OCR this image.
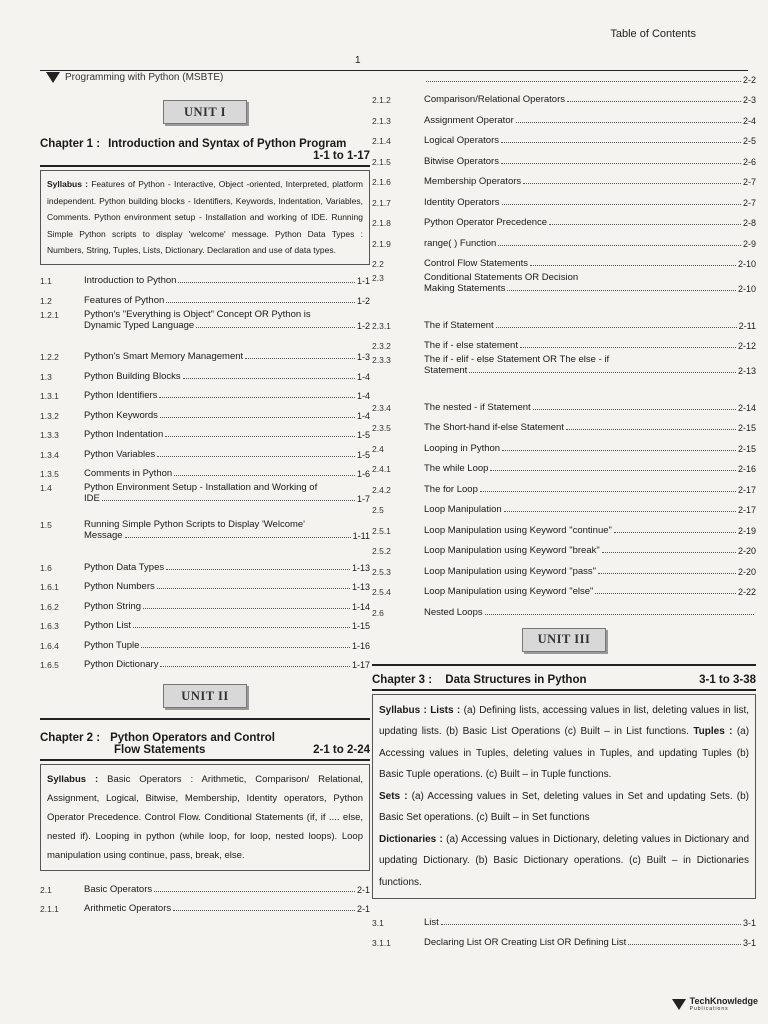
Table of Contents
1
Programming with Python (MSBTE)
UNIT I
Chapter 1 : Introduction and Syntax of Python Program
1-1 to 1-17
Syllabus : Features of Python - Interactive, Object -oriented, Interpreted, platform independent. Python building blocks - Identifiers, Keywords, Indentation, Variables, Comments. Python environment setup - Installation and working of IDE. Running Simple Python scripts to display 'welcome' message. Python Data Types : Numbers, String, Tuples, Lists, Dictionary. Declaration and use of data types.
1.1	Introduction to Python	1-1
1.2	Features of Python	1-2
1.2.1	Python's "Everything is Object" Concept OR Python is
Dynamic Typed Language	1-2
1.2.2	Python's Smart Memory Management	1-3
1.3	Python Building Blocks	1-4
1.3.1	Python Identifiers	1-4
1.3.2	Python Keywords	1-4
1.3.3	Python Indentation	1-5
1.3.4	Python Variables	1-5
1.3.5	Comments in Python	1-6
1.4	Python Environment Setup - Installation and Working of
IDE	1-7
1.5	Running Simple Python Scripts to Display 'Welcome'
Message	1-11
1.6	Python Data Types	1-13
1.6.1	Python Numbers	1-13
1.6.2	Python String	1-14
1.6.3	Python List	1-15
1.6.4	Python Tuple	1-16
1.6.5	Python Dictionary	1-17
UNIT II
Chapter 2 : Python Operators and Control
Flow Statements	2-1 to 2-24
Syllabus : Basic Operators : Arithmetic, Comparison/ Relational, Assignment, Logical, Bitwise, Membership, Identity operators, Python Operator Precedence. Control Flow. Conditional Statements (if, if .... else, nested if). Looping in python (while loop, for loop, nested loops). Loop manipulation using continue, pass, break, else.
2.1	Basic Operators	2-1
2.1.1	Arithmetic Operators	2-1
2-2
2.1.2	Comparison/Relational Operators	2-3
2.1.3	Assignment Operator	2-4
2.1.4	Logical Operators	2-5
2.1.5	Bitwise Operators	2-6
2.1.6	Membership Operators	2-7
2.1.7	Identity Operators	2-7
2.1.8	Python Operator Precedence	2-8
2.1.9	range( ) Function	2-9
2.2	Control Flow Statements	2-10
2.3	Conditional Statements OR Decision
Making Statements	2-10
2.3.1	The if Statement	2-11
2.3.2	The if - else statement	2-12
2.3.3	The if - elif - else Statement OR The else - if
Statement	2-13
2.3.4	The nested - if Statement	2-14
2.3.5	The Short-hand if-else Statement	2-15
2.4	Looping in Python	2-15
2.4.1	The while Loop	2-16
2.4.2	The for Loop	2-17
2.5	Loop Manipulation	2-17
2.5.1	Loop Manipulation using Keyword "continue"	2-19
2.5.2	Loop Manipulation using Keyword "break"	2-20
2.5.3	Loop Manipulation using Keyword "pass"	2-20
2.5.4	Loop Manipulation using Keyword "else"	2-22
2.6	Nested Loops
UNIT III
Chapter 3 : Data Structures in Python	3-1 to 3-38
Syllabus : Lists : (a) Defining lists, accessing values in list, deleting values in list, updating lists. (b) Basic List Operations (c) Built – in List functions. Tuples : (a) Accessing values in Tuples, deleting values in Tuples, and updating Tuples (b) Basic Tuple operations. (c) Built – in Tuple functions.
Sets : (a) Accessing values in Set, deleting values in Set and updating Sets. (b) Basic Set operations. (c) Built – in Set functions
Dictionaries : (a) Accessing values in Dictionary, deleting values in Dictionary and updating Dictionary. (b) Basic Dictionary operations. (c) Built – in Dictionaries functions.
3.1	List	3-1
3.1.1	Declaring List OR Creating List OR Defining List	3-1
TechKnowledge
Publications
